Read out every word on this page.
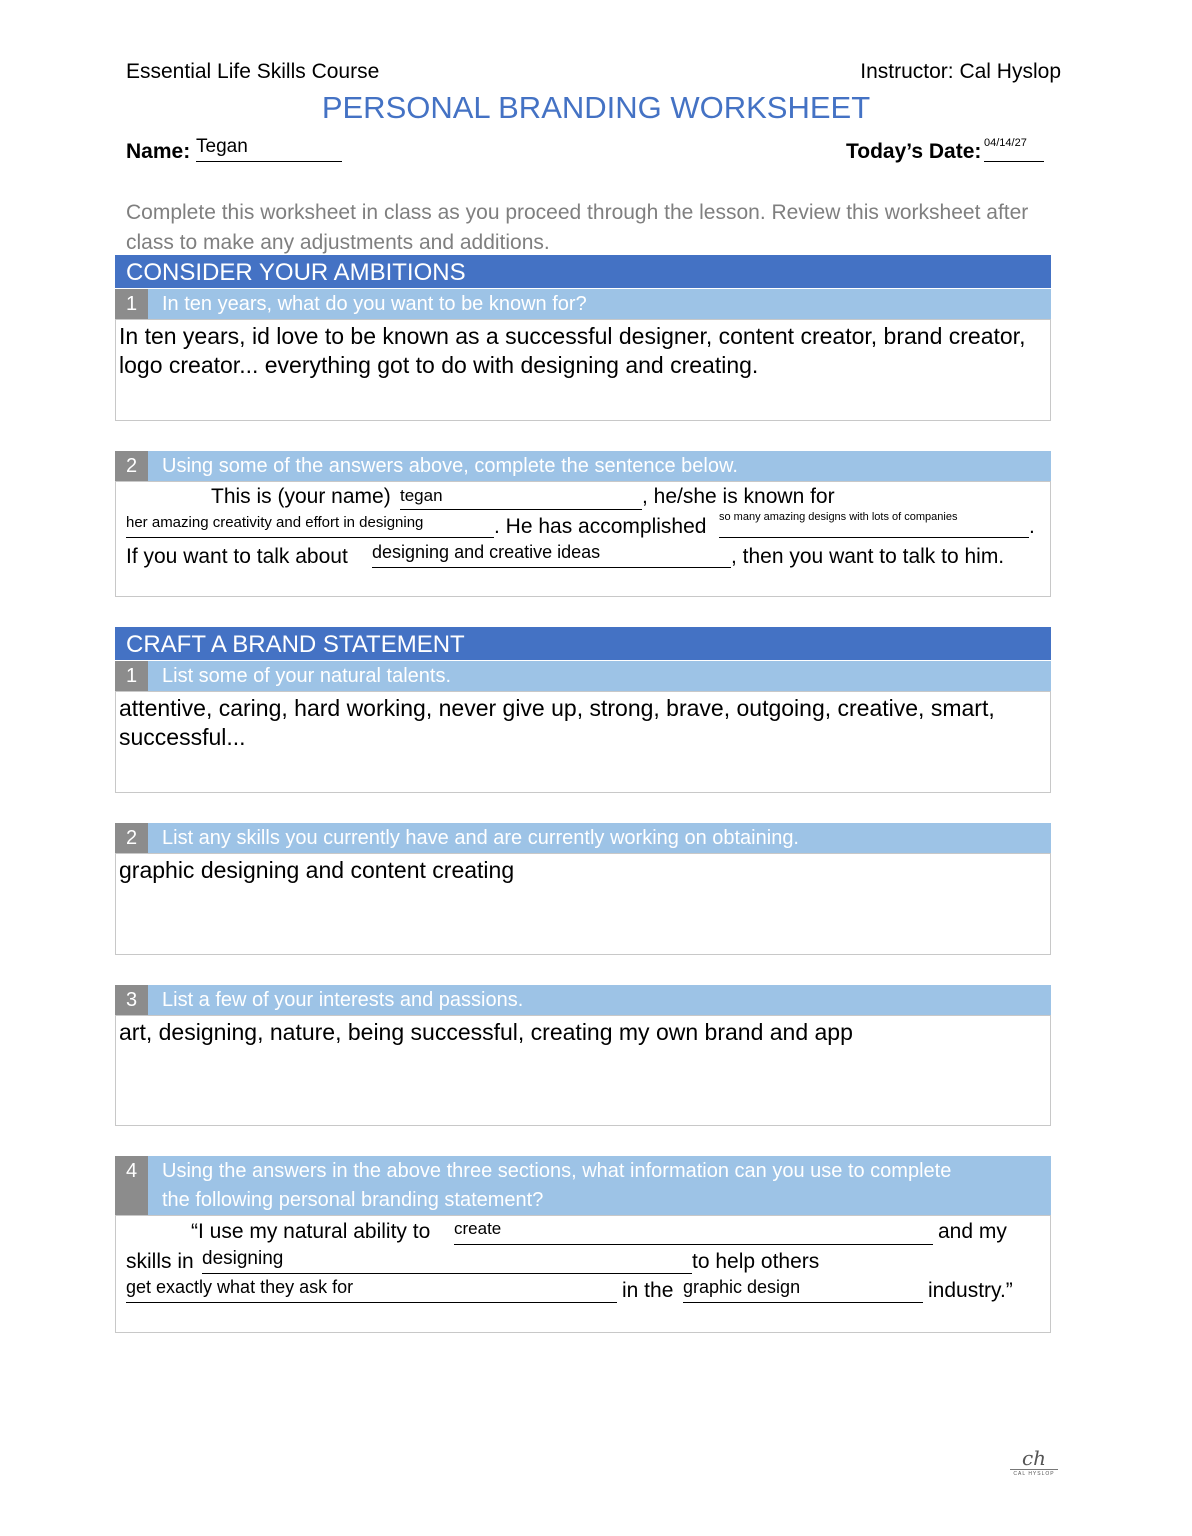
Essential Life Skills Course	Instructor: Cal Hyslop
PERSONAL BRANDING WORKSHEET
Name: Tegan	Today’s Date: 04/14/27
Complete this worksheet in class as you proceed through the lesson. Review this worksheet after class to make any adjustments and additions.
CONSIDER YOUR AMBITIONS
1	In ten years, what do you want to be known for?
In ten years, id love to be known as a successful designer, content creator, brand creator, logo creator... everything got to do with designing and creating.
2	Using some of the answers above, complete the sentence below.
This is (your name) tegan	, he/she is known for
her amazing creativity and effort in designing	. He has accomplished so many amazing designs with lots of companies	.
If you want to talk about designing and creative ideas	, then you want to talk to him.
CRAFT A BRAND STATEMENT
1	List some of your natural talents.
attentive, caring, hard working, never give up, strong, brave, outgoing, creative, smart, successful...
2	List any skills you currently have and are currently working on obtaining.
graphic designing and content creating
3	List a few of your interests and passions.
art, designing, nature, being successful, creating my own brand and app
4	Using the answers in the above three sections, what information can you use to complete
the following personal branding statement?
“I use my natural ability to create	and my
skills in designing	to help others
get exactly what they ask for	in the graphic design	industry.”
ch
CAL HYSLOP
